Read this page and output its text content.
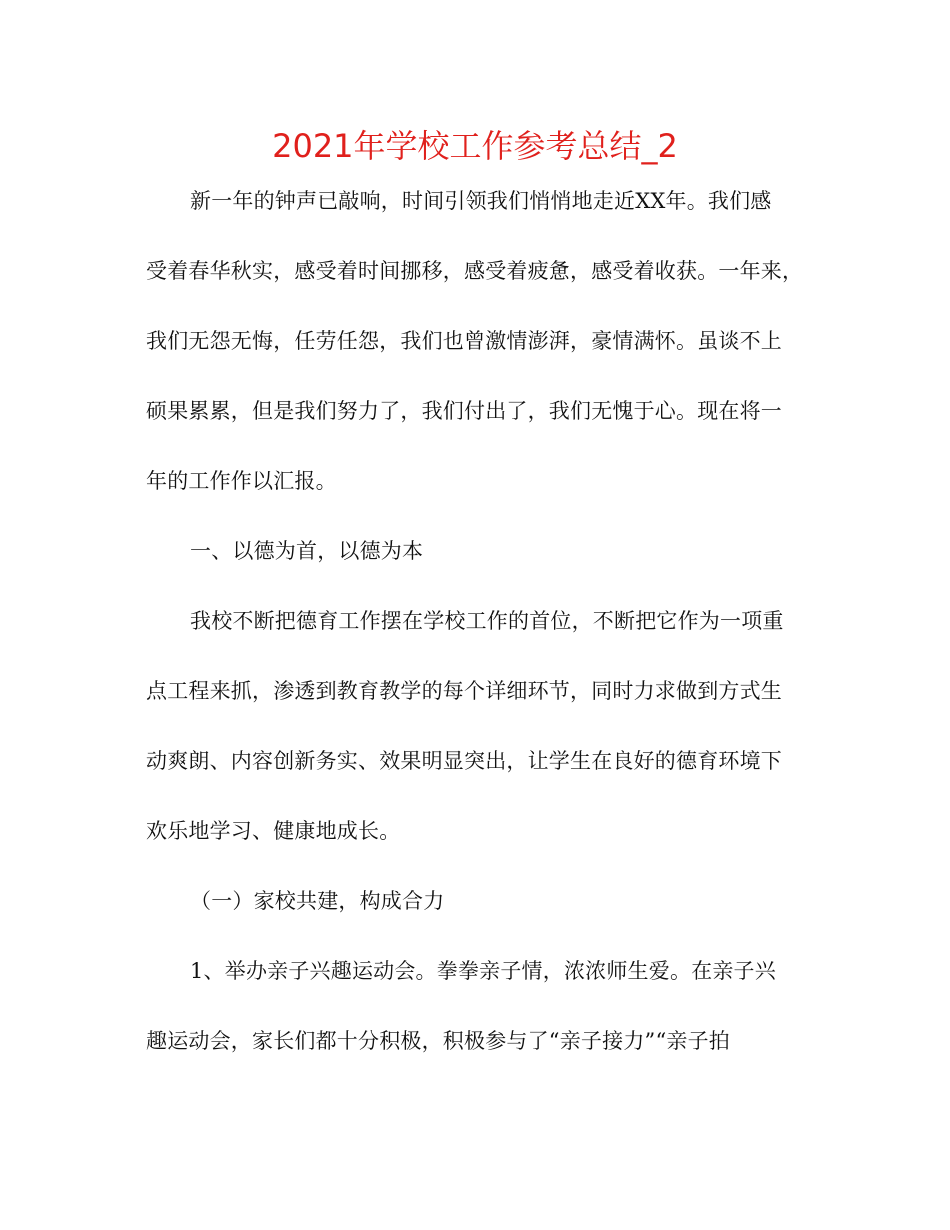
2021年学校工作参考总结_2

新一年的钟声已敲响，时间引领我们悄悄地走近XX年。我们感
受着春华秋实，感受着时间挪移，感受着疲惫，感受着收获。一年来，
我们无怨无悔，任劳任怨，我们也曾激情澎湃，豪情满怀。虽谈不上
硕果累累，但是我们努力了，我们付出了，我们无愧于心。现在将一
年的工作作以汇报。

一、以德为首，以德为本

我校不断把德育工作摆在学校工作的首位，不断把它作为一项重
点工程来抓，渗透到教育教学的每个详细环节，同时力求做到方式生
动爽朗、内容创新务实、效果明显突出，让学生在良好的德育环境下
欢乐地学习、健康地成长。

（一）家校共建，构成合力

1、举办亲子兴趣运动会。拳拳亲子情，浓浓师生爱。在亲子兴
趣运动会，家长们都十分积极，积极参与了“亲子接力”“亲子拍
